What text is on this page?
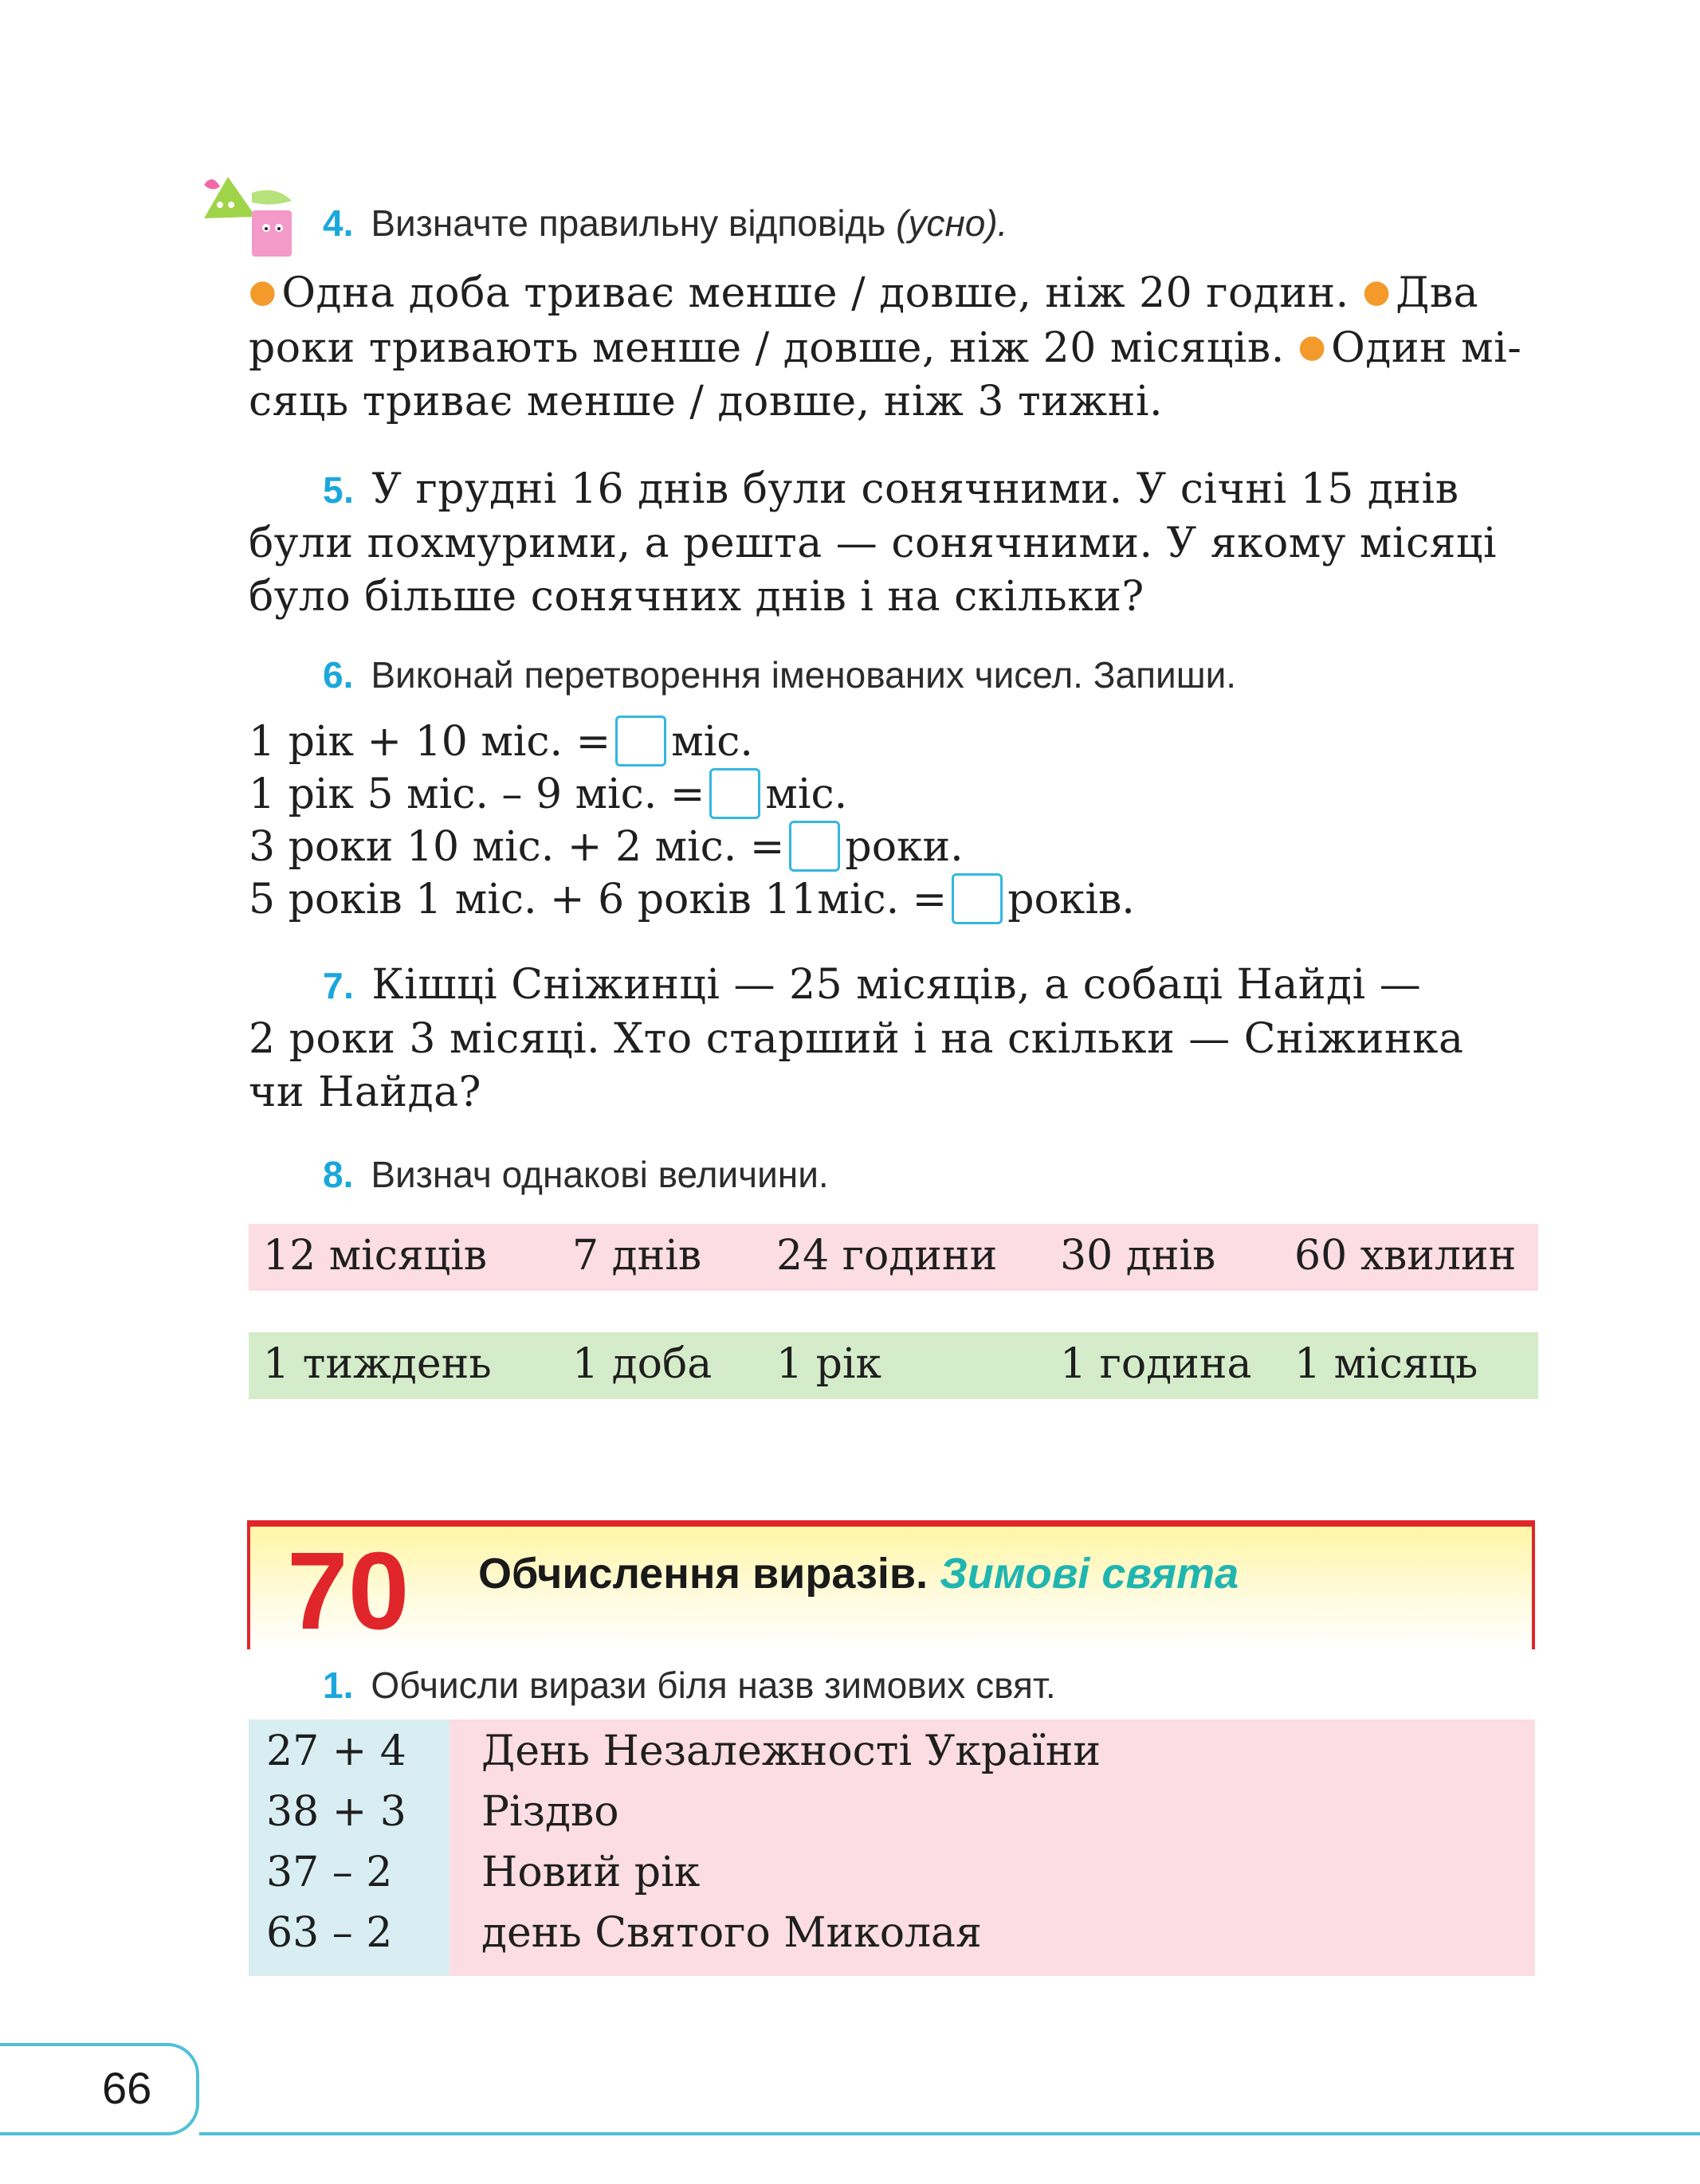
4. Визначте правильну відповідь (усно).

● Одна доба триває менше / довше, ніж 20 годин. ● Два

роки тривають менше / довше, ніж 20 місяців. ● Один мі-

сяць триває менше / довше, ніж 3 тижні.

5. У грудні 16 днів були сонячними. У січні 15 днів

були похмурими, а решта — сонячними. У якому місяці

було більше сонячних днів і на скільки?

6. Виконай перетворення іменованих чисел. Запиши.
1 рік + 10 міс. = міс.
1 рік 5 міс. – 9 міс. = міс.
3 роки 10 міс. + 2 міс. = роки.
5 років 1 міс. + 6 років 11міс. = років.

7. Кішці Сніжинці — 25 місяців, а собаці Найді —

2 роки 3 місяці. Хто старший і на скільки — Сніжинка

чи Найда?

8. Визнач однакові величини.
12 місяців 7 днів 24 години 30 днів 60 хвилин
1 тиждень 1 доба 1 рік	1 година 1 місяць
70 Обчислення виразів. Зимові свята
1. Обчисли вирази біля назв зимових свят.
27 + 4 День Незалежності України
38 + 3 Різдво
37 – 2 Новий рік
63 – 2 день Святого Миколая
66
